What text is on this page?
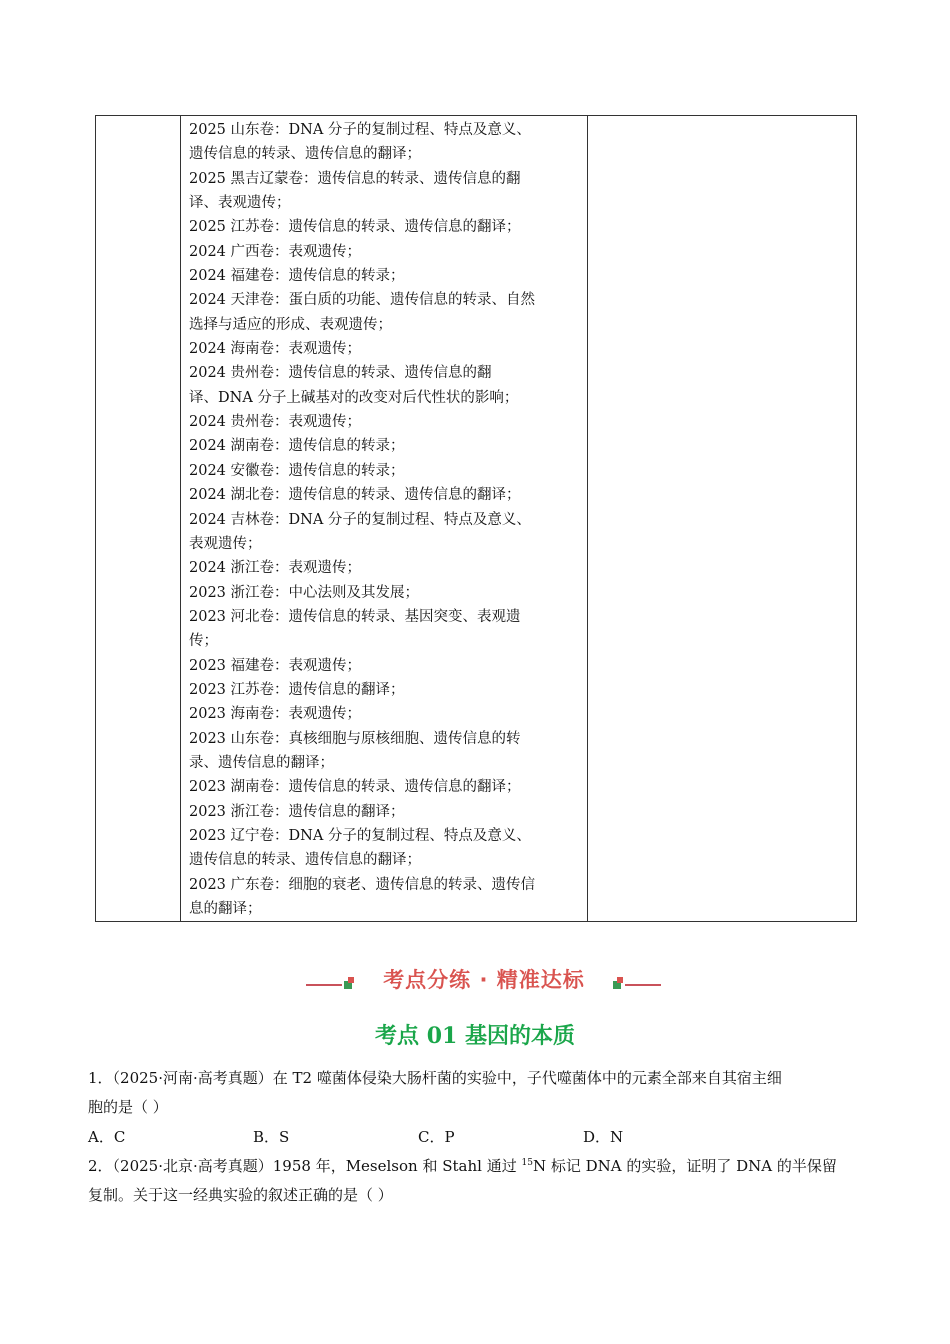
2025 山东卷：DNA 分子的复制过程、特点及意义、
遗传信息的转录、遗传信息的翻译；
2025 黑吉辽蒙卷：遗传信息的转录、遗传信息的翻
译、表观遗传；
2025 江苏卷：遗传信息的转录、遗传信息的翻译；
2024 广西卷：表观遗传；
2024 福建卷：遗传信息的转录；
2024 天津卷：蛋白质的功能、遗传信息的转录、自然
选择与适应的形成、表观遗传；
2024 海南卷：表观遗传；
2024 贵州卷：遗传信息的转录、遗传信息的翻
译、DNA 分子上碱基对的改变对后代性状的影响；
2024 贵州卷：表观遗传；
2024 湖南卷：遗传信息的转录；
2024 安徽卷：遗传信息的转录；
2024 湖北卷：遗传信息的转录、遗传信息的翻译；
2024 吉林卷：DNA 分子的复制过程、特点及意义、
表观遗传；
2024 浙江卷：表观遗传；
2023 浙江卷：中心法则及其发展；
2023 河北卷：遗传信息的转录、基因突变、表观遗
传；
2023 福建卷：表观遗传；
2023 江苏卷：遗传信息的翻译；
2023 海南卷：表观遗传；
2023 山东卷：真核细胞与原核细胞、遗传信息的转
录、遗传信息的翻译；
2023 湖南卷：遗传信息的转录、遗传信息的翻译；
2023 浙江卷：遗传信息的翻译；
2023 辽宁卷：DNA 分子的复制过程、特点及意义、
遗传信息的转录、遗传信息的翻译；
2023 广东卷：细胞的衰老、遗传信息的转录、遗传信
息的翻译；

考点分练 · 精准达标
考点 01 基因的本质
1．（2025·河南·高考真题）在 T2 噬菌体侵染大肠杆菌的实验中，子代噬菌体中的元素全部来自其宿主细
胞的是（ ）
A．C	B．S	C．P	D．N
2．（2025·北京·高考真题）1958 年，Meselson 和 Stahl 通过 $^{15}$N 标记 DNA 的实验，证明了 DNA 的半保留
复制。关于这一经典实验的叙述正确的是（ ）
